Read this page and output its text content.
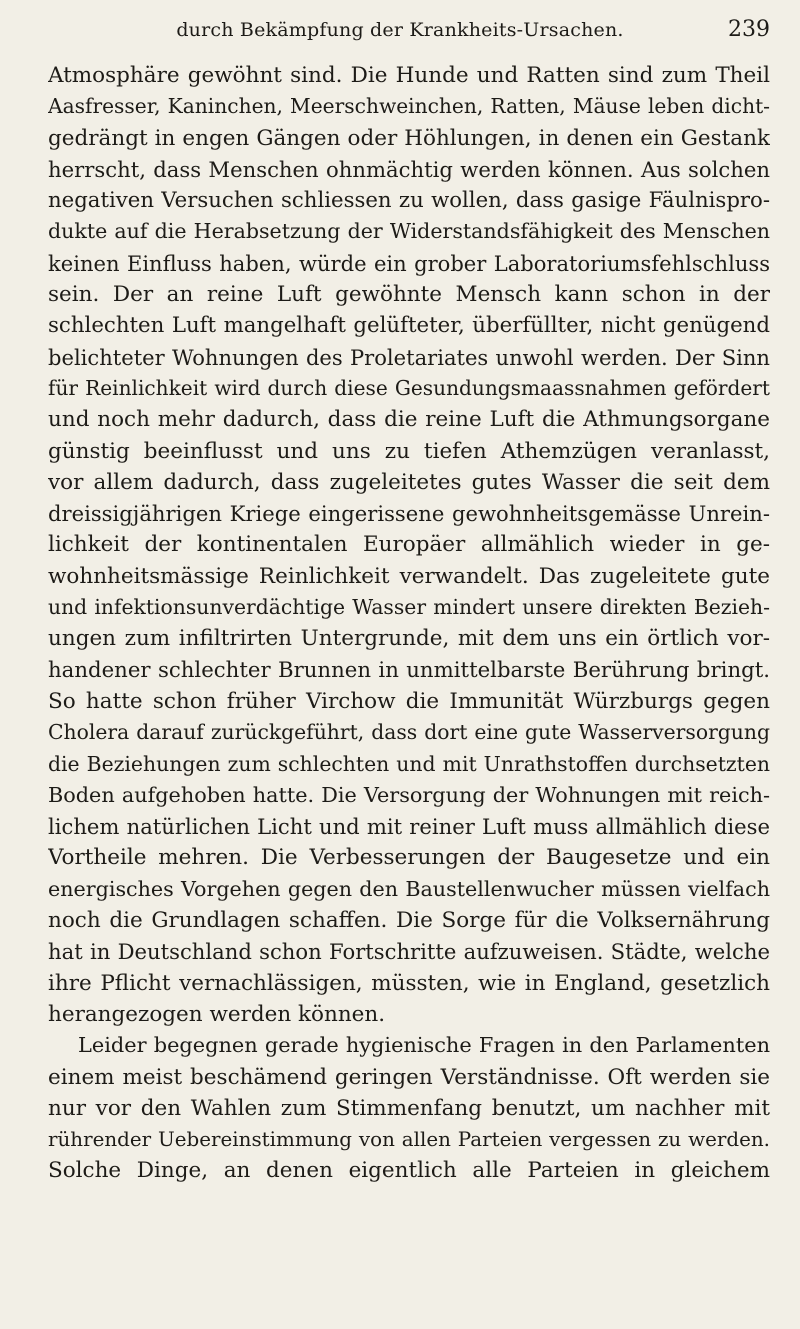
durch Bekämpfung der Krankheits-Ursachen.	239
Atmosphäre gewöhnt sind. Die Hunde und Ratten sind zum Theil
Aasfresser, Kaninchen, Meerschweinchen, Ratten, Mäuse leben dicht-
gedrängt in engen Gängen oder Höhlungen, in denen ein Gestank
herrscht, dass Menschen ohnmächtig werden können. Aus solchen
negativen Versuchen schliessen zu wollen, dass gasige Fäulnispro-
dukte auf die Herabsetzung der Widerstandsfähigkeit des Menschen
keinen Einfluss haben, würde ein grober Laboratoriumsfehlschluss
sein. Der an reine Luft gewöhnte Mensch kann schon in der
schlechten Luft mangelhaft gelüfteter, überfüllter, nicht genügend
belichteter Wohnungen des Proletariates unwohl werden. Der Sinn
für Reinlichkeit wird durch diese Gesundungsmaassnahmen gefördert
und noch mehr dadurch, dass die reine Luft die Athmungsorgane
günstig beeinflusst und uns zu tiefen Athemzügen veranlasst,
vor allem dadurch, dass zugeleitetes gutes Wasser die seit dem
dreissigjährigen Kriege eingerissene gewohnheitsgemässe Unrein-
lichkeit der kontinentalen Europäer allmählich wieder in ge-
wohnheitsmässige Reinlichkeit verwandelt. Das zugeleitete gute
und infektionsunverdächtige Wasser mindert unsere direkten Bezieh-
ungen zum infiltrirten Untergrunde, mit dem uns ein örtlich vor-
handener schlechter Brunnen in unmittelbarste Berührung bringt.
So hatte schon früher Virchow die Immunität Würzburgs gegen
Cholera darauf zurückgeführt, dass dort eine gute Wasserversorgung
die Beziehungen zum schlechten und mit Unrathstoffen durchsetzten
Boden aufgehoben hatte. Die Versorgung der Wohnungen mit reich-
lichem natürlichen Licht und mit reiner Luft muss allmählich diese
Vortheile mehren. Die Verbesserungen der Baugesetze und ein
energisches Vorgehen gegen den Baustellenwucher müssen vielfach
noch die Grundlagen schaffen. Die Sorge für die Volksernährung
hat in Deutschland schon Fortschritte aufzuweisen. Städte, welche
ihre Pflicht vernachlässigen, müssten, wie in England, gesetzlich
herangezogen werden können.
Leider begegnen gerade hygienische Fragen in den Parlamenten
einem meist beschämend geringen Verständnisse. Oft werden sie
nur vor den Wahlen zum Stimmenfang benutzt, um nachher mit
rührender Uebereinstimmung von allen Parteien vergessen zu werden.
Solche Dinge, an denen eigentlich alle Parteien in gleichem
